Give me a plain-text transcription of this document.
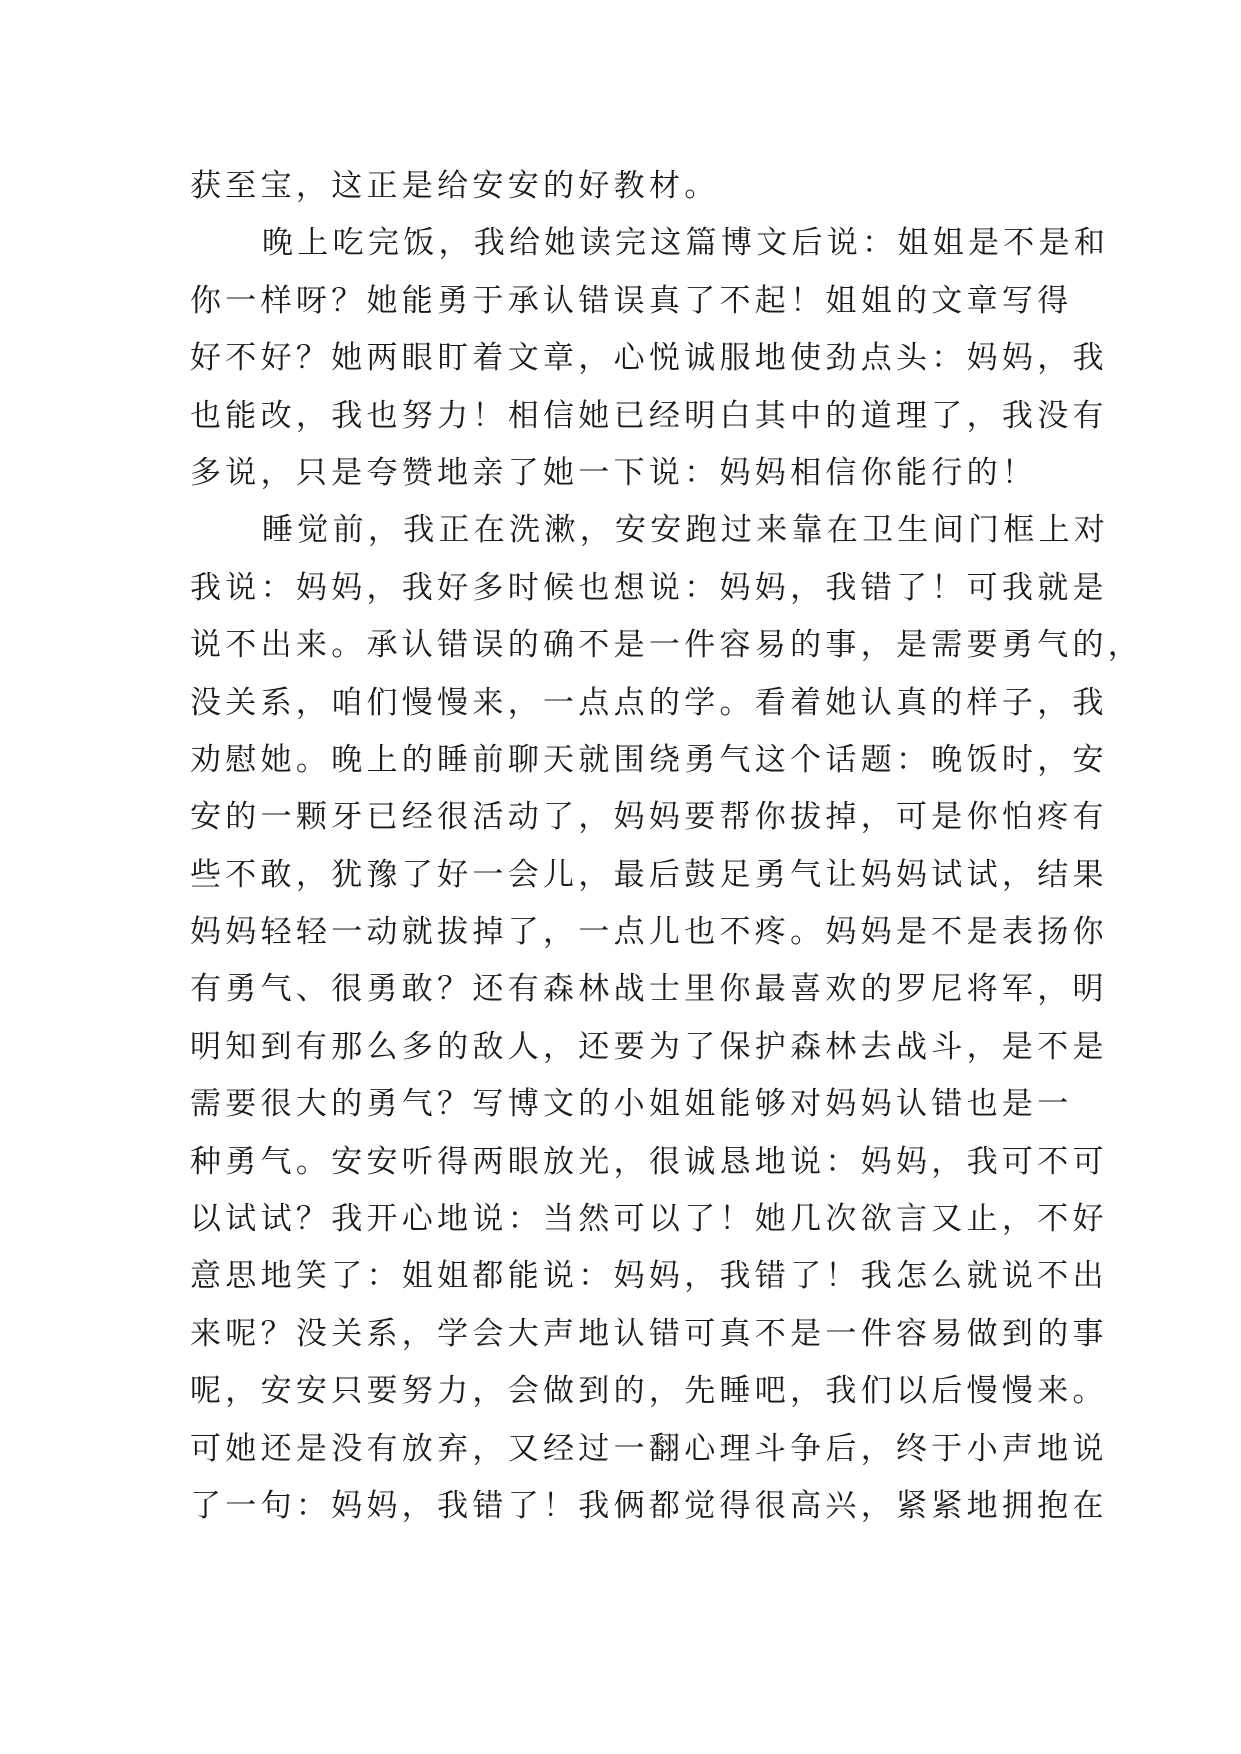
获至宝，这正是给安安的好教材。
晚上吃完饭，我给她读完这篇博文后说：姐姐是不是和
你一样呀？她能勇于承认错误真了不起！姐姐的文章写得
好不好？她两眼盯着文章，心悦诚服地使劲点头：妈妈，我
也能改，我也努力！相信她已经明白其中的道理了，我没有
多说，只是夸赞地亲了她一下说：妈妈相信你能行的！
睡觉前，我正在洗漱，安安跑过来靠在卫生间门框上对
我说：妈妈，我好多时候也想说：妈妈，我错了！可我就是
说不出来。承认错误的确不是一件容易的事，是需要勇气的，
没关系，咱们慢慢来，一点点的学。看着她认真的样子，我
劝慰她。晚上的睡前聊天就围绕勇气这个话题：晚饭时，安
安的一颗牙已经很活动了，妈妈要帮你拔掉，可是你怕疼有
些不敢，犹豫了好一会儿，最后鼓足勇气让妈妈试试，结果
妈妈轻轻一动就拔掉了，一点儿也不疼。妈妈是不是表扬你
有勇气、很勇敢？还有森林战士里你最喜欢的罗尼将军，明
明知到有那么多的敌人，还要为了保护森林去战斗，是不是
需要很大的勇气？写博文的小姐姐能够对妈妈认错也是一
种勇气。安安听得两眼放光，很诚恳地说：妈妈，我可不可
以试试？我开心地说：当然可以了！她几次欲言又止，不好
意思地笑了：姐姐都能说：妈妈，我错了！我怎么就说不出
来呢？没关系，学会大声地认错可真不是一件容易做到的事
呢，安安只要努力，会做到的，先睡吧，我们以后慢慢来。
可她还是没有放弃，又经过一翻心理斗争后，终于小声地说
了一句：妈妈，我错了！我俩都觉得很高兴，紧紧地拥抱在
